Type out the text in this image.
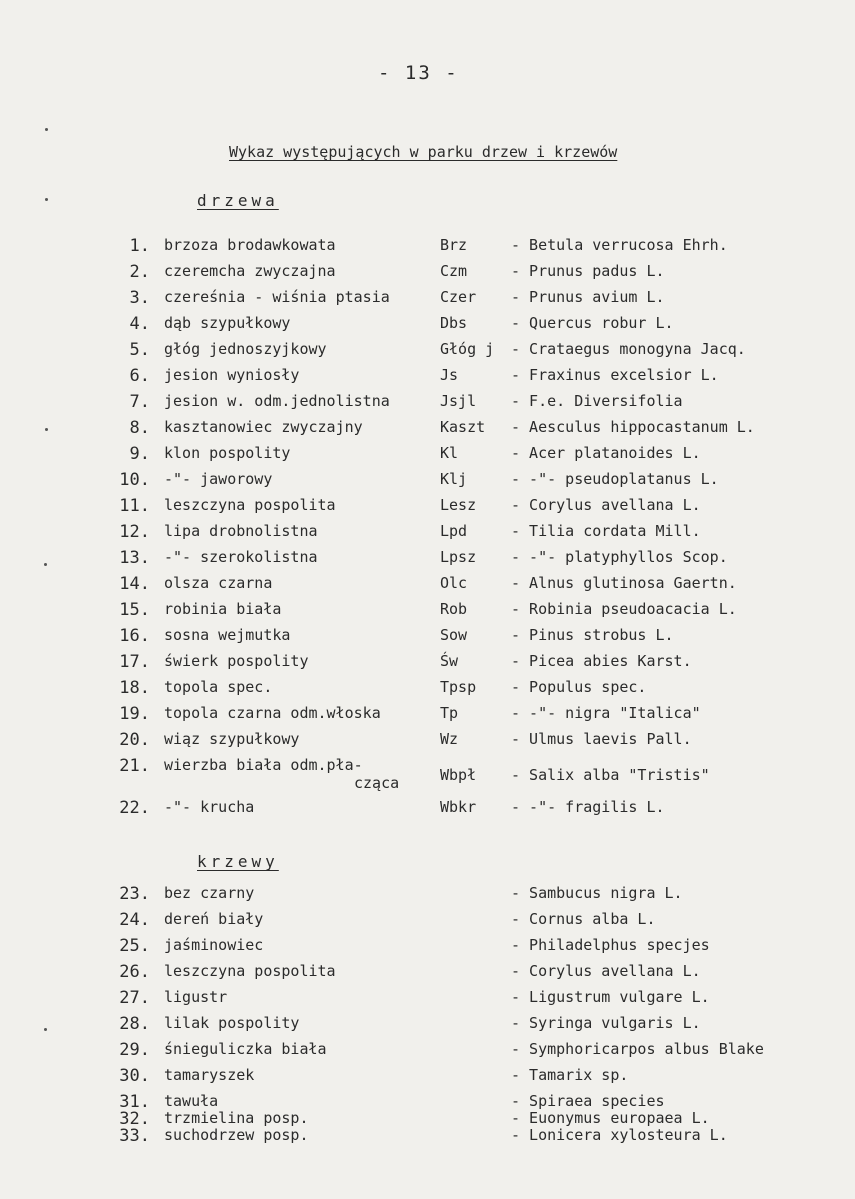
- 13 -
Wykaz występujących w parku drzew i krzewów
drzewa
1. brzoza brodawkowata	Brz	- Betula verrucosa Ehrh.
2. czeremcha zwyczajna	Czm	- Prunus padus L.
3. czereśnia - wiśnia ptasia	Czer - Prunus avium L.
4. dąb szypułkowy	Dbs	- Quercus robur L.
5. głóg jednoszyjkowy	Głóg j - Crataegus monogyna Jacq.
6. jesion wyniosły	Js	- Fraxinus excelsior L.
7. jesion w. odm.jednolistna	Jsjl - F.e. Diversifolia
8. kasztanowiec zwyczajny	Kaszt - Aesculus hippocastanum L.
9. klon pospolity	Kl	- Acer platanoides L.
10. -"- jaworowy	Klj	- -"- pseudoplatanus L.
11. leszczyna pospolita	Lesz - Corylus avellana L.
12. lipa drobnolistna	Lpd	- Tilia cordata Mill.
13. -"- szerokolistna	Lpsz - -"- platyphyllos Scop.
14. olsza czarna	Olc	- Alnus glutinosa Gaertn.
15. robinia biała	Rob	- Robinia pseudoacacia L.
16. sosna wejmutka	Sow	- Pinus strobus L.
17. świerk pospolity	Św	- Picea abies Karst.
18. topola spec.	Tpsp - Populus spec.
19. topola czarna odm.włoska	Tp	- -"- nigra "Italica"
20. wiąz szypułkowy	Wz	- Ulmus laevis Pall.
21. wierzba biała odm.pła-
cząca	Wbpł - Salix alba "Tristis"
22. -"- krucha	Wbkr - -"- fragilis L.
krzewy
23. bez czarny	- Sambucus nigra L.
24. dereń biały	- Cornus alba L.
25. jaśminowiec	- Philadelphus specjes
26. leszczyna pospolita	- Corylus avellana L.
27. ligustr	- Ligustrum vulgare L.
28. lilak pospolity	- Syringa vulgaris L.
29. śnieguliczka biała	- Symphoricarpos albus Blake
30. tamaryszek	- Tamarix sp.
31. tawuła	- Spiraea species
32. trzmielina posp.	- Euonymus europaea L.
33. suchodrzew posp.	- Lonicera xylosteura L.
